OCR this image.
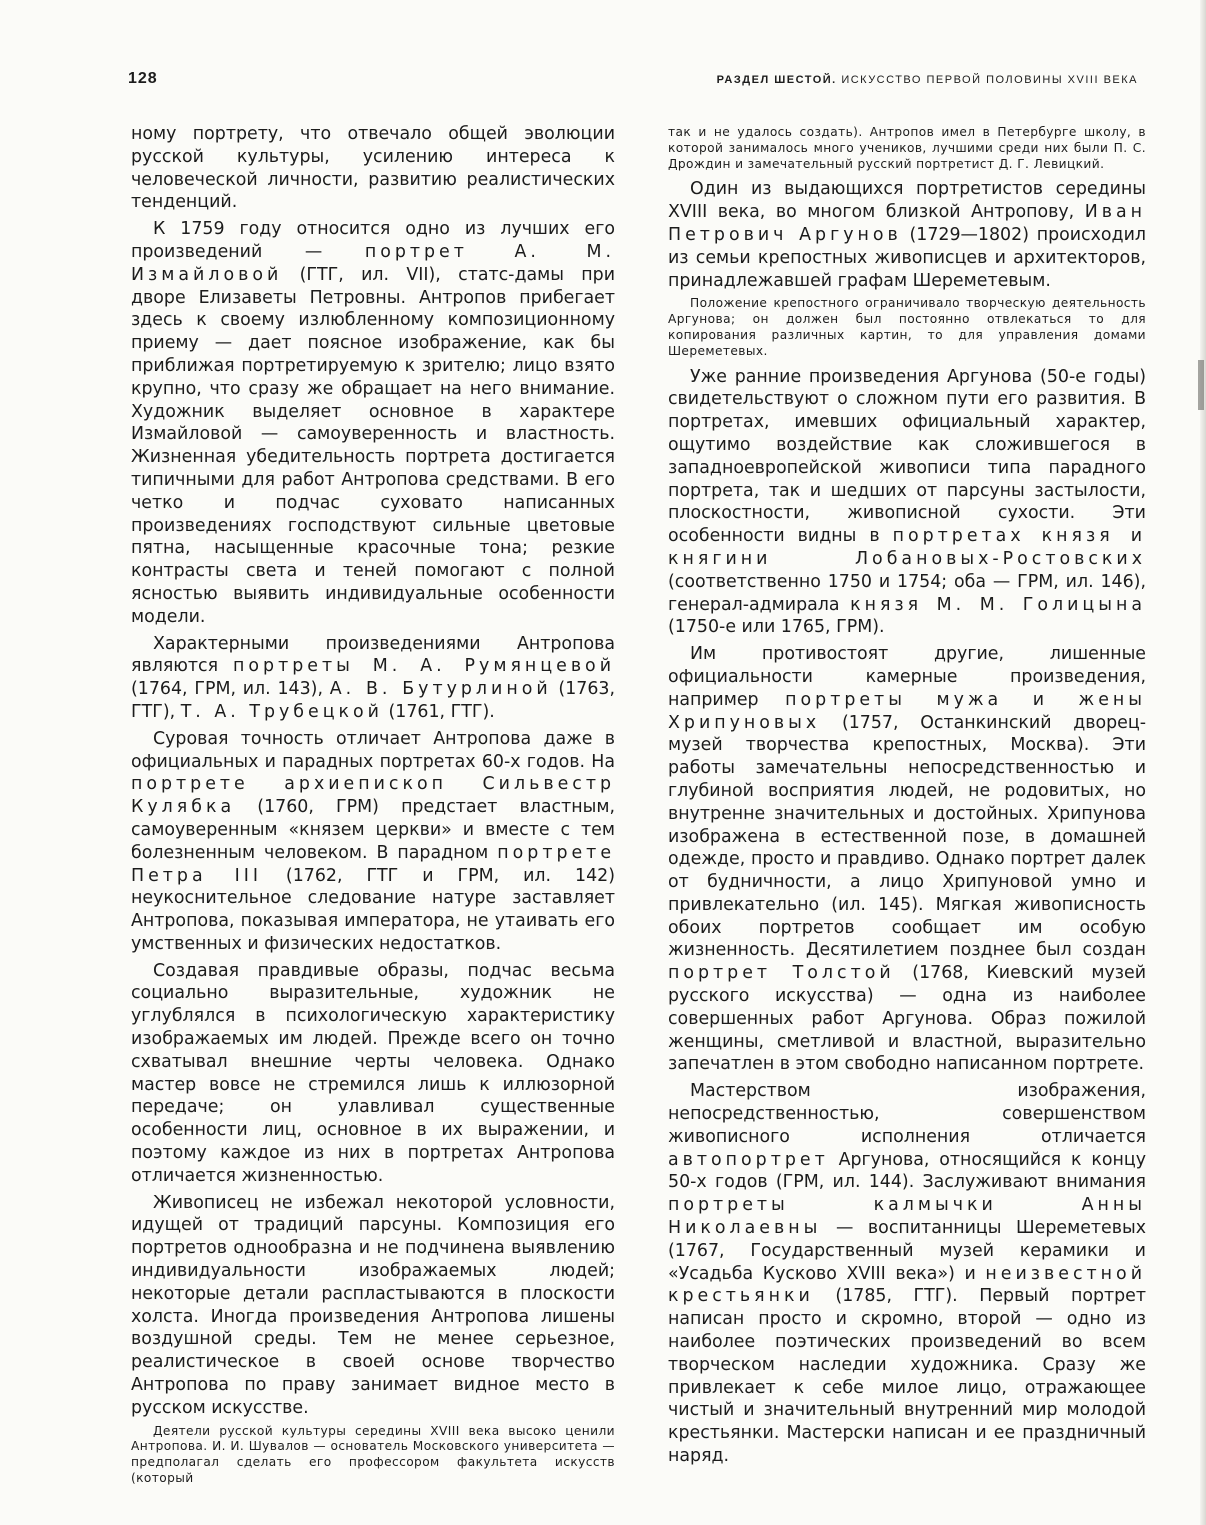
128	РАЗДЕЛ ШЕСТОЙ. ИСКУССТВО ПЕРВОЙ ПОЛОВИНЫ XVIII ВЕКА

ному портрету, что отвечало общей эволюции русской культуры, усилению интереса к человеческой личности, развитию реалистических тенденций.

К 1759 году относится одно из лучших его произведений — портрет А. М. Измайловой (ГТГ, ил. VII), статс-дамы при дворе Елизаветы Петровны. Антропов прибегает здесь к своему излюбленному композиционному приему — дает поясное изображение, как бы приближая портретируемую к зрителю; лицо взято крупно, что сразу же обращает на него внимание. Художник выделяет основное в характере Измайловой — самоуверенность и властность. Жизненная убедительность портрета достигается типичными для работ Антропова средствами. В его четко и подчас суховато написанных произведениях господствуют сильные цветовые пятна, насыщенные красочные тона; резкие контрасты света и теней помогают с полной ясностью выявить индивидуальные особенности модели.

Характерными произведениями Антропова являются портреты М. А. Румянцевой (1764, ГРМ, ил. 143), А. В. Бутурлиной (1763, ГТГ), Т. А. Трубецкой (1761, ГТГ).

Суровая точность отличает Антропова даже в официальных и парадных портретах 60-х годов. На портрете архиепископ Сильвестр Кулябка (1760, ГРМ) предстает властным, самоуверенным «князем церкви» и вместе с тем болезненным человеком. В парадном портрете Петра III (1762, ГТГ и ГРМ, ил. 142) неукоснительное следование натуре заставляет Антропова, показывая императора, не утаивать его умственных и физических недостатков.

Создавая правдивые образы, подчас весьма социально выразительные, художник не углублялся в психологическую характеристику изображаемых им людей. Прежде всего он точно схватывал внешние черты человека. Однако мастер вовсе не стремился лишь к иллюзорной передаче; он улавливал существенные особенности лиц, основное в их выражении, и поэтому каждое из них в портретах Антропова отличается жизненностью.

Живописец не избежал некоторой условности, идущей от традиций парсуны. Композиция его портретов однообразна и не подчинена выявлению индивидуальности изображаемых людей; некоторые детали распластываются в плоскости холста. Иногда произведения Антропова лишены воздушной среды. Тем не менее серьезное, реалистическое в своей основе творчество Антропова по праву занимает видное место в русском искусстве.

Деятели русской культуры середины XVIII века высоко ценили Антропова. И. И. Шувалов — основатель Московского университета — предполагал сделать его профессором факультета искусств (который

так и не удалось создать). Антропов имел в Петербурге школу, в которой занималось много учеников, лучшими среди них были П. С. Дрождин и замечательный русский портретист Д. Г. Левицкий.

Один из выдающихся портретистов середины XVIII века, во многом близкой Антропову, Иван Петрович Аргунов (1729—1802) происходил из семьи крепостных живописцев и архитекторов, принадлежавшей графам Шереметевым.

Положение крепостного ограничивало творческую деятельность Аргунова; он должен был постоянно отвлекаться то для копирования различных картин, то для управления домами Шереметевых.

Уже ранние произведения Аргунова (50-е годы) свидетельствуют о сложном пути его развития. В портретах, имевших официальный характер, ощутимо воздействие как сложившегося в западноевропейской живописи типа парадного портрета, так и шедших от парсуны застылости, плоскостности, живописной сухости. Эти особенности видны в портретах князя и княгини Лобановых-Ростовских (соответственно 1750 и 1754; оба — ГРМ, ил. 146), генерал-адмирала князя М. М. Голицына (1750-е или 1765, ГРМ).

Им противостоят другие, лишенные официальности камерные произведения, например портреты мужа и жены Хрипуновых (1757, Останкинский дворец-музей творчества крепостных, Москва). Эти работы замечательны непосредственностью и глубиной восприятия людей, не родовитых, но внутренне значительных и достойных. Хрипунова изображена в естественной позе, в домашней одежде, просто и правдиво. Однако портрет далек от будничности, а лицо Хрипуновой умно и привлекательно (ил. 145). Мягкая живописность обоих портретов сообщает им особую жизненность. Десятилетием позднее был создан портрет Толстой (1768, Киевский музей русского искусства) — одна из наиболее совершенных работ Аргунова. Образ пожилой женщины, сметливой и властной, выразительно запечатлен в этом свободно написанном портрете.

Мастерством изображения, непосредственностью, совершенством живописного исполнения отличается автопортрет Аргунова, относящийся к концу 50-х годов (ГРМ, ил. 144). Заслуживают внимания портреты калмычки Анны Николаевны — воспитанницы Шереметевых (1767, Государственный музей керамики и «Усадьба Кусково XVIII века») и неизвестной крестьянки (1785, ГТГ). Первый портрет написан просто и скромно, второй — одно из наиболее поэтических произведений во всем творческом наследии художника. Сразу же привлекает к себе милое лицо, отражающее чистый и значительный внутренний мир молодой крестьянки. Мастерски написан и ее праздничный наряд.
